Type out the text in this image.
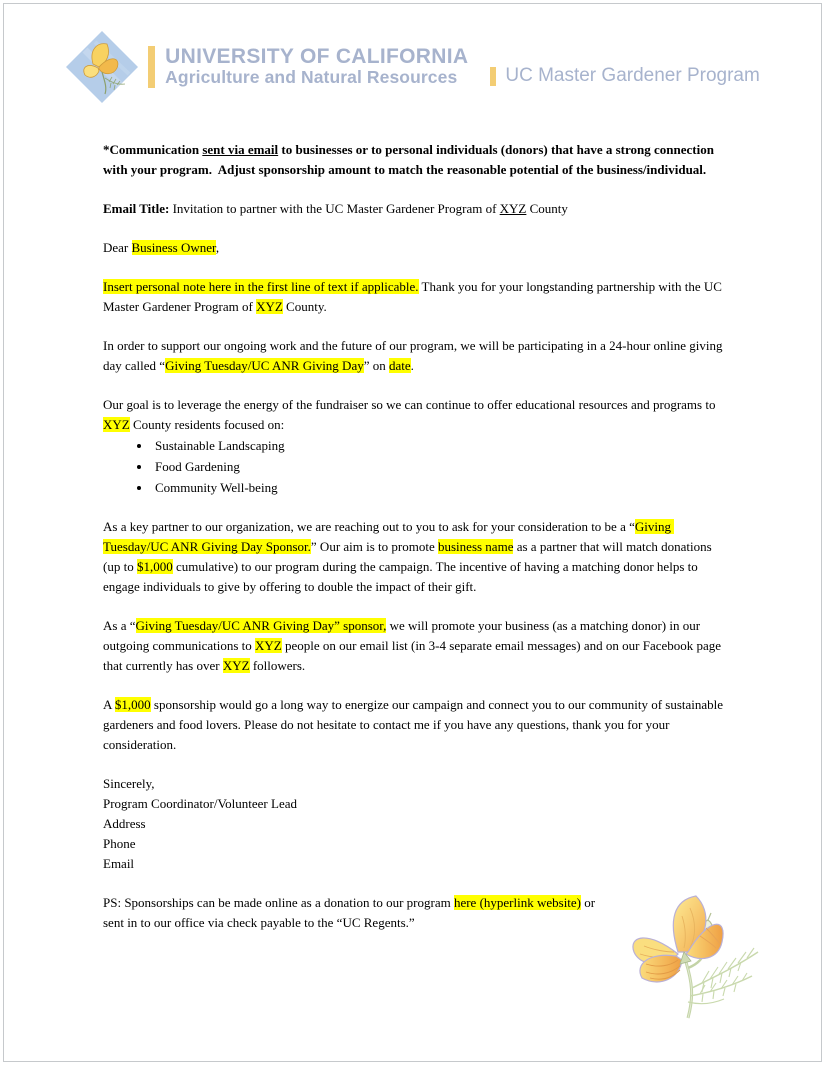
UNIVERSITY OF CALIFORNIA
Agriculture and Natural Resources	UC Master Gardener Program

*Communication sent via email to businesses or to personal individuals (donors) that have a strong connection with your program.  Adjust sponsorship amount to match the reasonable potential of the business/individual.

Email Title: Invitation to partner with the UC Master Gardener Program of XYZ County

Dear Business Owner,

Insert personal note here in the first line of text if applicable. Thank you for your longstanding partnership with the UC Master Gardener Program of XYZ County.

In order to support our ongoing work and the future of our program, we will be participating in a 24-hour online giving day called “Giving Tuesday/UC ANR Giving Day” on date.

Our goal is to leverage the energy of the fundraiser so we can continue to offer educational resources and programs to XYZ County residents focused on:

• Sustainable Landscaping
• Food Gardening
• Community Well-being

As a key partner to our organization, we are reaching out to you to ask for your consideration to be a “Giving Tuesday/UC ANR Giving Day Sponsor.” Our aim is to promote business name as a partner that will match donations (up to $1,000 cumulative) to our program during the campaign. The incentive of having a matching donor helps to engage individuals to give by offering to double the impact of their gift.

As a “Giving Tuesday/UC ANR Giving Day” sponsor, we will promote your business (as a matching donor) in our outgoing communications to XYZ people on our email list (in 3-4 separate email messages) and on our Facebook page that currently has over XYZ followers.

A $1,000 sponsorship would go a long way to energize our campaign and connect you to our community of sustainable gardeners and food lovers. Please do not hesitate to contact me if you have any questions, thank you for your consideration.

Sincerely,
Program Coordinator/Volunteer Lead
Address
Phone
Email

PS: Sponsorships can be made online as a donation to our program here (hyperlink website) or sent in to our office via check payable to the “UC Regents.”
